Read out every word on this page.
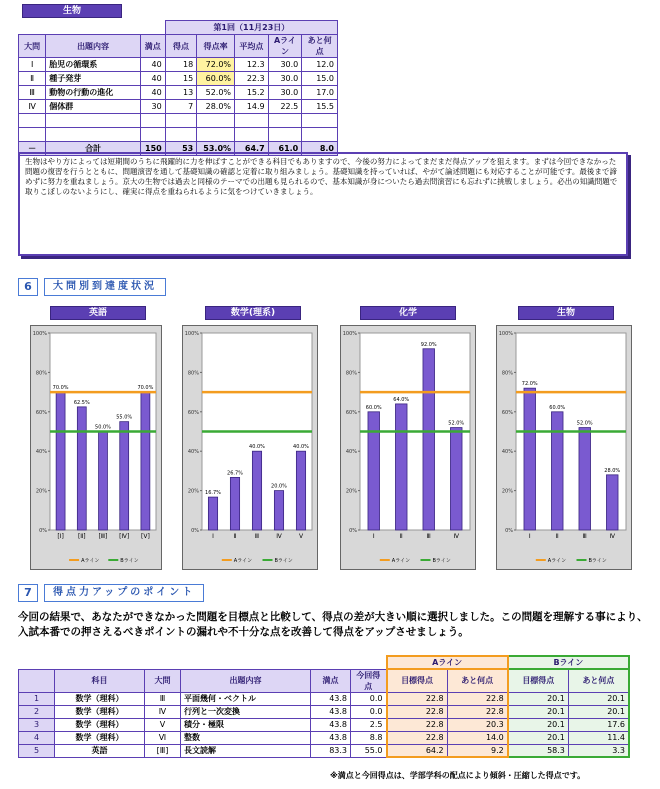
生物
			第1回（11月23日）				

大問	出題内容	満点	得点	得点率	平均点	Aライン	あと何点
Ⅰ	胎児の循環系	40	18	72.0%	12.3	30.0	12.0
Ⅱ	種子発芽	40	15	60.0%	22.3	30.0	15.0
Ⅲ	動物の行動の進化	40	13	52.0%	15.2	30.0	17.0
Ⅳ	個体群	30	7	28.0%	14.9	22.5	15.5

－	合計	150	53	53.0%	64.7	61.0	8.0
生物はやり方によっては短期間のうちに飛躍的に力を伸ばすことができる科目でもありますので、今後の努力によってまだまだ得点アップを狙えます。まずは今回できなかった問題の復習を行うとともに、問題演習を通して基礎知識の確認と定着に取り組みましょう。基礎知識を持っていれば、やがて論述問題にも対応することが可能です。最後まで諦めずに努力を重ねましょう。京大の生物では過去と同様のテーマでの出題も見られるので、基本知識が身についたら過去問演習にも忘れずに挑戦しましょう。必出の知識問題で取りこぼしのないようにし、確実に得点を重ねられるように気をつけていきましょう。
6	大問別到達度状況
英語
0%
20%
40%
60%
80%
100%
70.0%
[Ⅰ]
62.5%
[Ⅱ]
50.0%
[Ⅲ]
55.0%
[Ⅳ]
70.0%
[Ⅴ]
Aライン	Bライン
数学(理系)
0%
20%
40%
60%
80%
100%
16.7%
Ⅰ
26.7%
Ⅱ
40.0%
Ⅲ
20.0%
Ⅳ
40.0%
Ⅴ
Aライン	Bライン
化学
0%
20%
40%
60%
80%
100%
60.0%
Ⅰ
64.0%
Ⅱ
92.0%
Ⅲ
52.0%
Ⅳ
Aライン	Bライン
生物
0%
20%
40%
60%
80%
100%
72.0%
Ⅰ
60.0%
Ⅱ
52.0%
Ⅲ
28.0%
Ⅳ
Aライン	Bライン
7	得点力アップのポイント
今回の結果で、あなたができなかった問題を目標点と比較して、得点の差が大きい順に選択しました。この問題を理解する事により、入試本番での押さえるべきポイントの漏れや不十分な点を改善して得点をアップさせましょう。
						Aライン		Bライン	
	科目	大問	出題内容	満点	今回得点	目標得点	あと何点	目標得点	あと何点
1	数学（理科）	Ⅲ	平面幾何・ベクトル	43.8	0.0	22.8	22.8	20.1	20.1
2	数学（理科）	Ⅳ	行列と一次変換	43.8	0.0	22.8	22.8	20.1	20.1
3	数学（理科）	Ⅴ	積分・極限	43.8	2.5	22.8	20.3	20.1	17.6
4	数学（理科）	Ⅵ	整数	43.8	8.8	22.8	14.0	20.1	11.4
5	英語	[Ⅲ]	長文読解	83.3	55.0	64.2	9.2	58.3	3.3
※満点と今回得点は、学部学科の配点により傾斜・圧縮した得点です。
